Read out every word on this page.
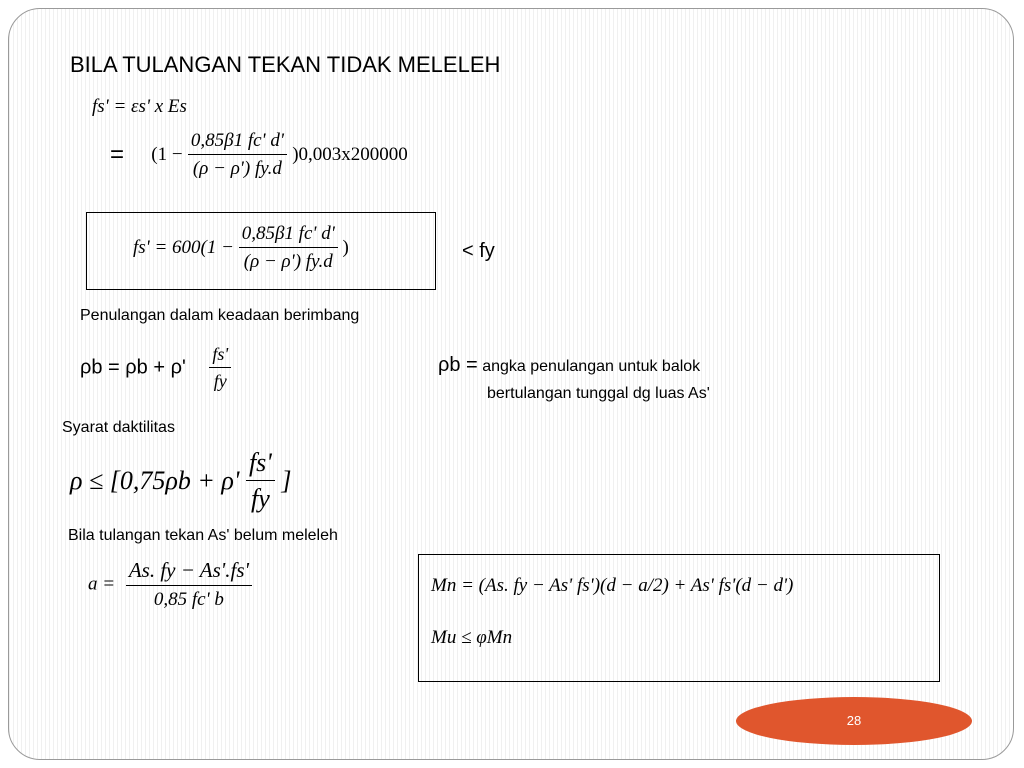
BILA TULANGAN TEKAN TIDAK MELELEH
fs' = εs' x Es
= $(1 - \frac{0,85\beta 1 fc' d'}{(\rho - \rho') fy.d} )0,003x200000$
$fs' = 600(1 - \frac{0,85\beta 1 fc' d'}{(\rho - \rho') fy.d}$ )	< fy
Penulangan dalam keadaan berimbang
$\rho b = \rho b + \rho' \frac{fs'}{fy}$	ρb = angka penulangan untuk balok
bertulangan tunggal dg luas As'
Syarat daktilitas
$\rho \le [0,75\rho b + \rho' \frac{fs'}{fy}$ ]
Bila tulangan tekan As' belum meleleh
$a = \frac{As. fy - As'.fs'}{0,85 fc' b}$	Mn = (As. fy − As' fs')(d − a/2) + As' fs'(d − d')
Mu ≤ φMn
28
